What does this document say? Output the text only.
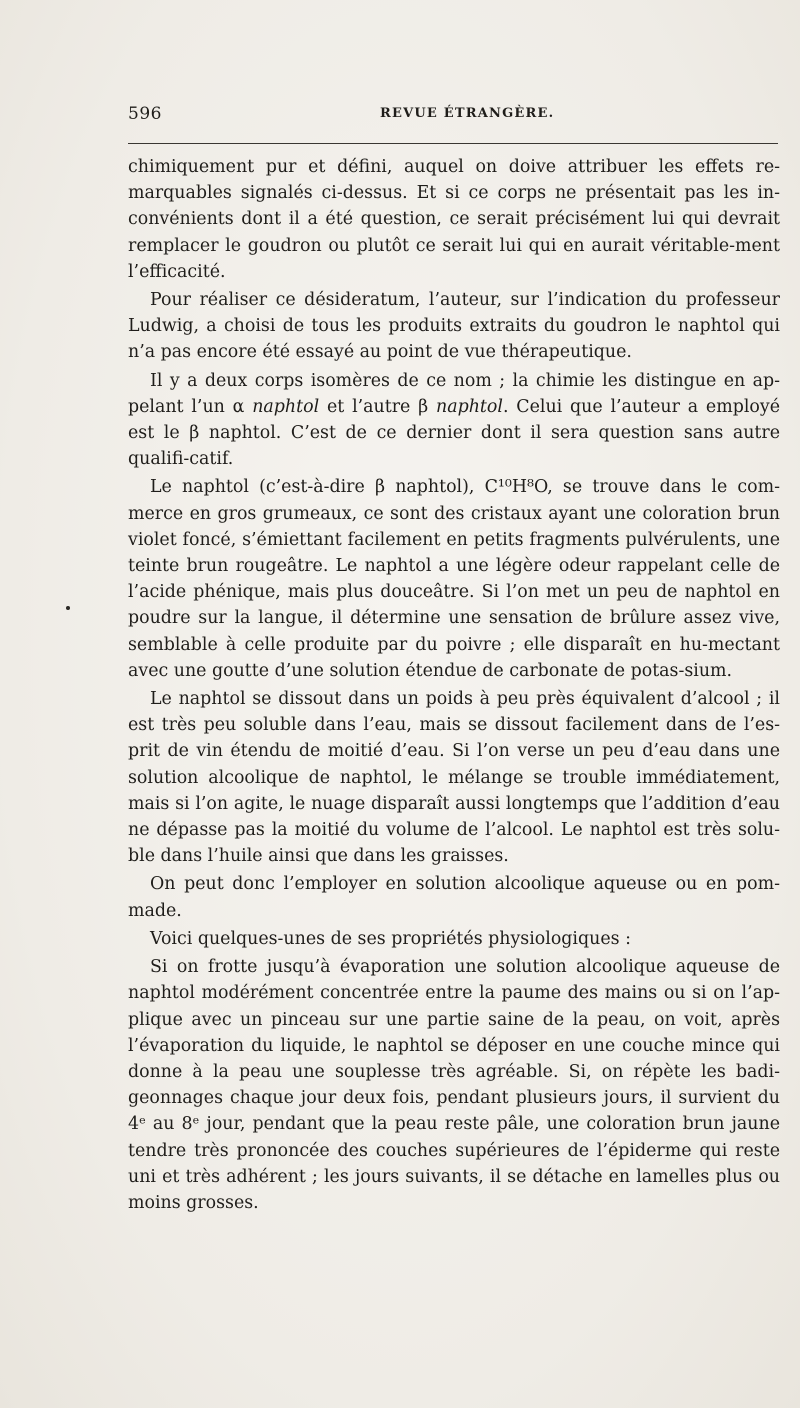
596	REVUE ÉTRANGÈRE.

chimiquement pur et défini, auquel on doive attribuer les effets re-marquables signalés ci-dessus. Et si ce corps ne présentait pas les in-convénients dont il a été question, ce serait précisément lui qui devrait remplacer le goudron ou plutôt ce serait lui qui en aurait véritable-ment l’efficacité.

Pour réaliser ce désideratum, l’auteur, sur l’indication du professeur Ludwig, a choisi de tous les produits extraits du goudron le naphtol qui n’a pas encore été essayé au point de vue thérapeutique.

Il y a deux corps isomères de ce nom ; la chimie les distingue en ap-pelant l’un α naphtol et l’autre β naphtol. Celui que l’auteur a employé est le β naphtol. C’est de ce dernier dont il sera question sans autre qualifi-catif.

Le naphtol (c’est-à-dire β naphtol), C¹⁰H⁸O, se trouve dans le com-merce en gros grumeaux, ce sont des cristaux ayant une coloration brun violet foncé, s’émiettant facilement en petits fragments pulvérulents, une teinte brun rougeâtre. Le naphtol a une légère odeur rappelant celle de l’acide phénique, mais plus douceâtre. Si l’on met un peu de naphtol en poudre sur la langue, il détermine une sensation de brûlure assez vive, semblable à celle produite par du poivre ; elle disparaît en hu-mectant avec une goutte d’une solution étendue de carbonate de potas-sium.

Le naphtol se dissout dans un poids à peu près équivalent d’alcool ; il est très peu soluble dans l’eau, mais se dissout facilement dans de l’es-prit de vin étendu de moitié d’eau. Si l’on verse un peu d’eau dans une solution alcoolique de naphtol, le mélange se trouble immédiatement, mais si l’on agite, le nuage disparaît aussi longtemps que l’addition d’eau ne dépasse pas la moitié du volume de l’alcool. Le naphtol est très solu-ble dans l’huile ainsi que dans les graisses.

On peut donc l’employer en solution alcoolique aqueuse ou en pom-made.

Voici quelques-unes de ses propriétés physiologiques :

Si on frotte jusqu’à évaporation une solution alcoolique aqueuse de naphtol modérément concentrée entre la paume des mains ou si on l’ap-plique avec un pinceau sur une partie saine de la peau, on voit, après l’évaporation du liquide, le naphtol se déposer en une couche mince qui donne à la peau une souplesse très agréable. Si, on répète les badi-geonnages chaque jour deux fois, pendant plusieurs jours, il survient du 4ᵉ au 8ᵉ jour, pendant que la peau reste pâle, une coloration brun jaune tendre très prononcée des couches supérieures de l’épiderme qui reste uni et très adhérent ; les jours suivants, il se détache en lamelles plus ou moins grosses.
